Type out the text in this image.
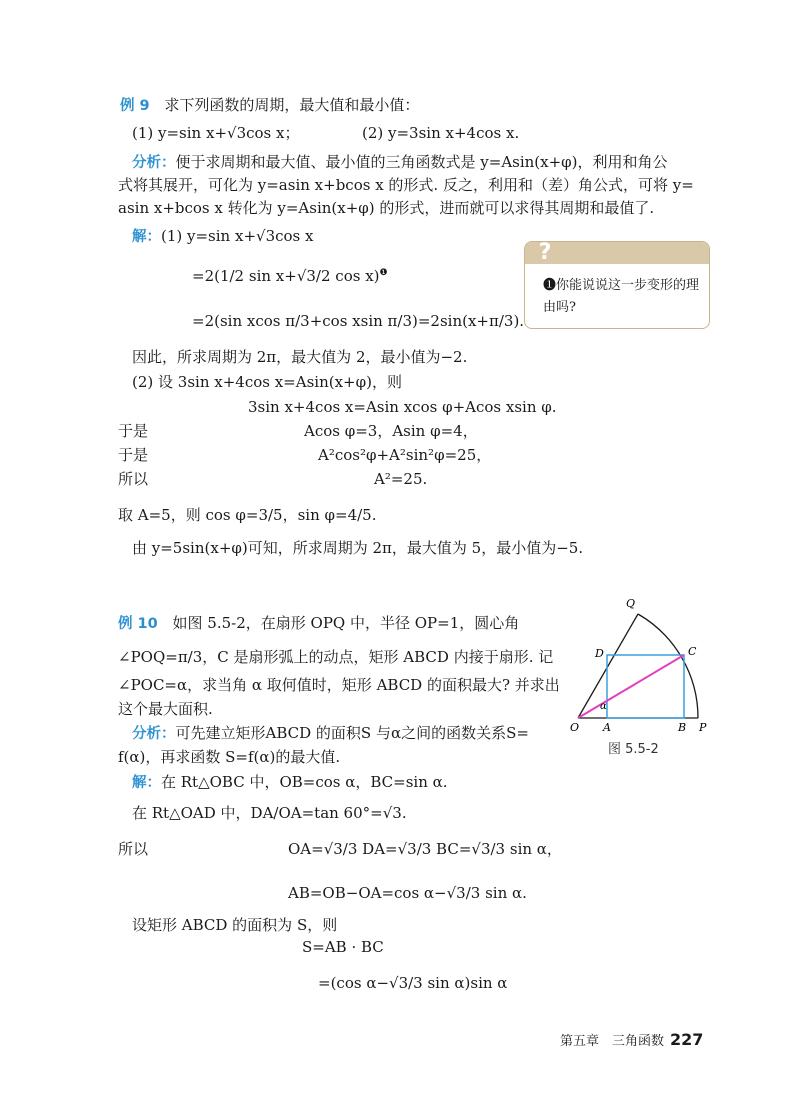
例 9 求下列函数的周期，最大值和最小值：
(1) y=sin x+√3cos x；	(2) y=3sin x+4cos x.
分析：便于求周期和最大值、最小值的三角函数式是 y=Asin(x+φ)，利用和角公
式将其展开，可化为 y=asin x+bcos x 的形式. 反之，利用和（差）角公式，可将 y=
asin x+bcos x 转化为 y=Asin(x+φ) 的形式，进而就可以求得其周期和最值了.
解：(1) y=sin x+√3cos x
=2(1/2 sin x+√3/2 cos x)$^❶$
=2(sin xcos π/3+cos xsin π/3)=2sin(x+π/3).
因此，所求周期为 2π，最大值为 2，最小值为−2.
(2) 设 3sin x+4cos x=Asin(x+φ)，则
3sin x+4cos x=Asin xcos φ+Acos xsin φ.
于是	Acos φ=3，Asin φ=4，
于是	A²cos²φ+A²sin²φ=25，
所以	A²=25.
取 A=5，则 cos φ=3/5，sin φ=4/5.
由 y=5sin(x+φ)可知，所求周期为 2π，最大值为 5，最小值为−5.
?
❶你能说说这一步变形的理由吗?
例 10 如图 5.5-2，在扇形 OPQ 中，半径 OP=1，圆心角
∠POQ=π/3，C 是扇形弧上的动点，矩形 ABCD 内接于扇形. 记
∠POC=α，求当角 α 取何值时，矩形 ABCD 的面积最大? 并求出
这个最大面积.
分析：可先建立矩形ABCD 的面积S 与α之间的函数关系S=
f(α)，再求函数 S=f(α)的最大值.
解：在 Rt△OBC 中，OB=cos α，BC=sin α.
在 Rt△OAD 中，DA/OA=tan 60°=√3.
所以	OA=√3/3 DA=√3/3 BC=√3/3 sin α，
AB=OB−OA=cos α−√3/3 sin α.
设矩形 ABCD 的面积为 S，则
S=AB · BC
=(cos α−√3/3 sin α)sin α
O A	B P
Q
C
D
α
图 5.5-2
第五章　三角函数 227
